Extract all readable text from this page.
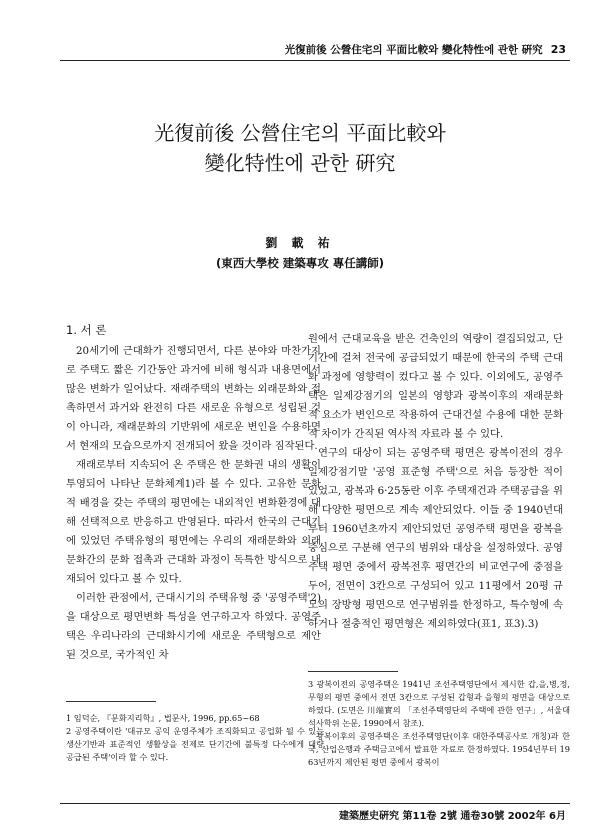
光復前後 公營住宅의 平面比較와 變化特性에 관한 硏究 23
光復前後 公營住宅의 平面比較와
變化特性에 관한 硏究
劉 載 祐
(東西大學校 建築專攻 專任講師)
1. 서 론

20세기에 근대화가 진행되면서, 다른 분야와 마찬가지로 주택도 짧은 기간동안 과거에 비해 형식과 내용면에서 많은 변화가 일어났다. 재래주택의 변화는 외래문화와 접촉하면서 과거와 완전히 다른 새로운 유형으로 성립된 것이 아니라, 재래문화의 기반위에 새로운 변인을 수용하면서 현재의 모습으로까지 전개되어 왔을 것이라 짐작된다.

재래로부터 지속되어 온 주택은 한 문화권 내의 생활이 투영되어 나타난 문화체계1)라 볼 수 있다. 고유한 문화적 배경을 갖는 주택의 평면에는 내외적인 변화환경에 대해 선택적으로 반응하고 반영된다. 따라서 한국의 근대기에 있었던 주택유형의 평면에는 우리의 재래문화와 외래문화간의 문화 접촉과 근대화 과정이 독특한 방식으로 내재되어 있다고 볼 수 있다.

이러한 관점에서, 근대시기의 주택유형 중 '공영주택'2)을 대상으로 평면변화 특성을 연구하고자 하였다. 공영주택은 우리나라의 근대화시기에 새로운 주택형으로 제안된 것으로, 국가적인 차

원에서 근대교육을 받은 건축인의 역량이 결집되었고, 단기간에 걸쳐 전국에 공급되었기 때문에 한국의 주택 근대화 과정에 영향력이 컸다고 볼 수 있다. 이외에도, 공영주택은 일제강점기의 일본의 영향과 광복이후의 재래문화적 요소가 변인으로 작용하여 근대건설 수용에 대한 문화적 차이가 간직된 역사적 자료라 볼 수 있다.

연구의 대상이 되는 공영주택 평면은 광복이전의 경우 일제강점기말 '공영 표준형 주택'으로 처음 등장한 적이 있었고, 광복과 6·25동란 이후 주택재건과 주택공급을 위해 다양한 평면으로 계속 제안되었다. 이들 중 1940년대부터 1960년초까지 제안되었던 공영주택 평면을 광복을 중심으로 구분해 연구의 범위와 대상을 설정하였다. 공영주택 평면 중에서 광복전후 평면간의 비교연구에 중점을 두어, 전면이 3칸으로 구성되어 있고 11평에서 20평 규모의 장방형 평면으로 연구범위를 한정하고, 특수형에 속하거나 절충적인 평면형은 제외하였다(표1, 표3).3)

1 임덕순, 『문화지리학』, 법문사, 1996, pp.65~68

2 공영주택이란 '대규모 공익 운영주체가 조직화되고 공업화 될 수 있는 생산기반과 표준적인 생활상을 전제로 단기간에 불특정 다수에게 대량 공급된 주택'이라 할 수 있다.

3 광복이전의 공영주택은 1941년 조선주택영단에서 제시한 갑,을,병,정,무형의 평면 중에서 전면 3칸으로 구성된 갑형과 을형의 평면을 대상으로 하였다. (도면은 川端實의 「조선주택영단의 주택에 관한 연구」, 서울대 석사학위 논문, 1990에서 참조).

광복이후의 공영주택은 조선주택영단(이후 대한주택공사로 개칭)과 한국, 산업은행과 주택금고에서 발표한 자료로 한정하였다. 1954년부터 1963년까지 제안된 평면 중에서 광복이

建築歷史硏究 第11卷 2號 通卷30號 2002年 6月
